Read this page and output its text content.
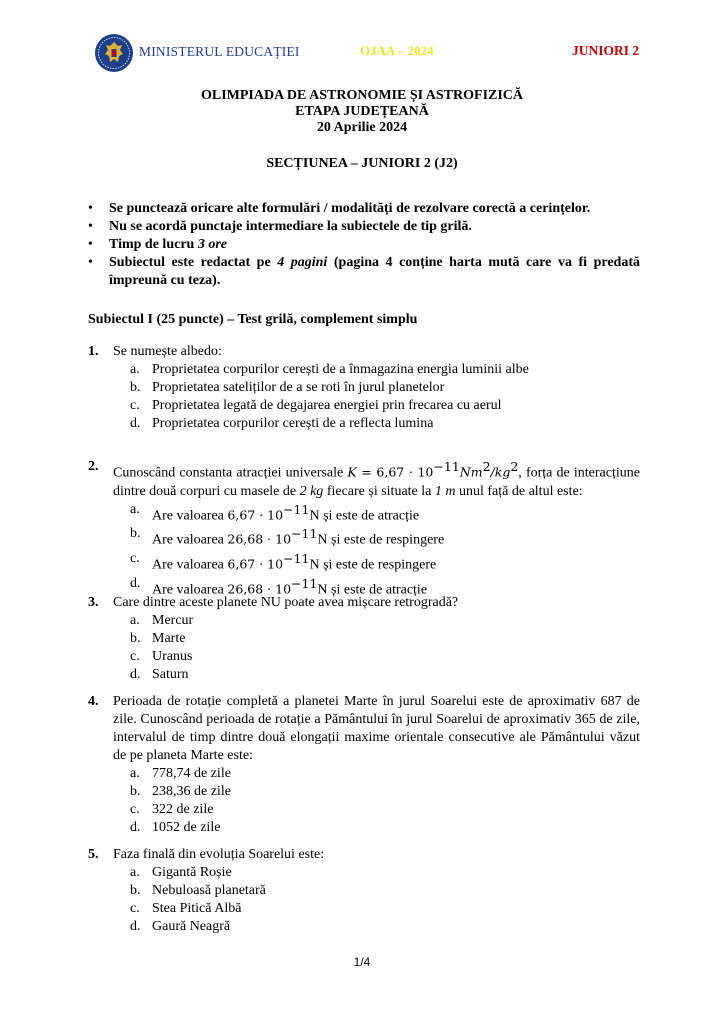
MINISTERUL EDUCAȚIEI	OJAA – 2024	JUNIORI 2
OLIMPIADA DE ASTRONOMIE ȘI ASTROFIZICĂ
ETAPA JUDEȚEANĂ
20 Aprilie 2024
SECȚIUNEA – JUNIORI 2 (J2)
• Se punctează oricare alte formulări / modalități de rezolvare corectă a cerințelor.
• Nu se acordă punctaje intermediare la subiectele de tip grilă.
• Timp de lucru 3 ore
• Subiectul este redactat pe 4 pagini (pagina 4 conține harta mută care va fi predată împreună cu teza).
Subiectul I (25 puncte) – Test grilă, complement simplu
1. Se numește albedo:
a. Proprietatea corpurilor cerești de a înmagazina energia luminii albe
b. Proprietatea sateliților de a se roti în jurul planetelor
c. Proprietatea legată de degajarea energiei prin frecarea cu aerul
d. Proprietatea corpurilor cerești de a reflecta lumina
2. Cunoscând constanta atracției universale $K = 6,67 \cdot 10^{-11}Nm^2/kg^2$, forța de interacțiune dintre două corpuri cu masele de 2 kg fiecare și situate la 1 m unul față de altul este:
a. Are valoarea $6,67 \cdot 10^{-11}N$ și este de atracție
b. Are valoarea $26,68 \cdot 10^{-11}N$ și este de respingere
c. Are valoarea $6,67 \cdot 10^{-11}N$ și este de respingere
d. Are valoarea $26,68 \cdot 10^{-11}N$ și este de atracție
3. Care dintre aceste planete NU poate avea mișcare retrogradă?
a. Mercur
b. Marte
c. Uranus
d. Saturn
4. Perioada de rotație completă a planetei Marte în jurul Soarelui este de aproximativ 687 de zile. Cunoscând perioada de rotație a Pământului în jurul Soarelui de aproximativ 365 de zile, intervalul de timp dintre două elongații maxime orientale consecutive ale Pământului văzut de pe planeta Marte este:
a. 778,74 de zile
b. 238,36 de zile
c. 322 de zile
d. 1052 de zile
5. Faza finală din evoluția Soarelui este:
a. Gigantă Roșie
b. Nebuloasă planetară
c. Stea Pitică Albă
d. Gaură Neagră
1/4
